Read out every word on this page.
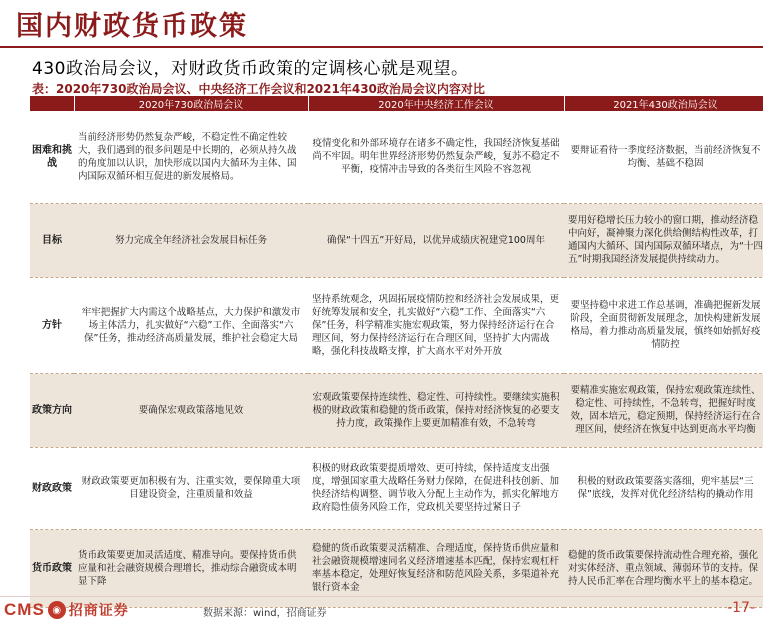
国内财政货币政策
430政治局会议，对财政货币政策的定调核心就是观望。
表：2020年730政治局会议、中央经济工作会议和2021年430政治局会议内容对比
	2020年730政治局会议	2020年中央经济工作会议	2021年430政治局会议
困难和挑战	当前经济形势仍然复杂严峻，不稳定性不确定性较大，我们遇到的很多问题是中长期的，必须从持久战的角度加以认识，加快形成以国内大循环为主体、国内国际双循环相互促进的新发展格局。	疫情变化和外部环境存在诸多不确定性，我国经济恢复基础尚不牢固。明年世界经济形势仍然复杂严峻，复苏不稳定不平衡，疫情冲击导致的各类衍生风险不容忽视	要辩证看待一季度经济数据，当前经济恢复不均衡、基础不稳固
目标	努力完成全年经济社会发展目标任务	确保“十四五”开好局，以优异成绩庆祝建党100周年	要用好稳增长压力较小的窗口期，推动经济稳中向好，凝神聚力深化供给侧结构性改革，打通国内大循环、国内国际双循环堵点，为“十四五”时期我国经济发展提供持续动力。
方针	牢牢把握扩大内需这个战略基点，大力保护和激发市场主体活力，扎实做好“六稳”工作、全面落实“六保”任务，推动经济高质量发展，维护社会稳定大局	坚持系统观念，巩固拓展疫情防控和经济社会发展成果，更好统筹发展和安全，扎实做好“六稳”工作、全面落实“六保”任务，科学精准实施宏观政策，努力保持经济运行在合理区间，努力保持经济运行在合理区间，坚持扩大内需战略，强化科技战略支撑，扩大高水平对外开放	要坚持稳中求进工作总基调，准确把握新发展阶段，全面贯彻新发展理念，加快构建新发展格局，着力推动高质量发展，慎终如始抓好疫情防控
政策方向	要确保宏观政策落地见效	宏观政策要保持连续性、稳定性、可持续性。要继续实施积极的财政政策和稳健的货币政策，保持对经济恢复的必要支持力度，政策操作上要更加精准有效，不急转弯	要精准实施宏观政策，保持宏观政策连续性、稳定性、可持续性，不急转弯，把握好时度效，固本培元，稳定预期，保持经济运行在合理区间，使经济在恢复中达到更高水平均衡
财政政策	财政政策要更加积极有为、注重实效，要保障重大项目建设资金，注重质量和效益	积极的财政政策要提质增效、更可持续，保持适度支出强度，增强国家重大战略任务财力保障，在促进科技创新、加快经济结构调整、调节收入分配上主动作为，抓实化解地方政府隐性债务风险工作，党政机关要坚持过紧日子	积极的财政政策要落实落细，兜牢基层“三保”底线，发挥对优化经济结构的撬动作用
货币政策	货币政策要更加灵活适度、精准导向。要保持货币供应量和社会融资规模合理增长，推动综合融资成本明显下降	稳健的货币政策要灵活精准、合理适度，保持货币供应量和社会融资规模增速同名义经济增速基本匹配，保持宏观杠杆率基本稳定，处理好恢复经济和防范风险关系，多渠道补充银行资本金	稳健的货币政策要保持流动性合理充裕，强化对实体经济、重点领域、薄弱环节的支持。保持人民币汇率在合理均衡水平上的基本稳定。
CMS ◉ 招商证券	数据来源：wind，招商证券	-17-
